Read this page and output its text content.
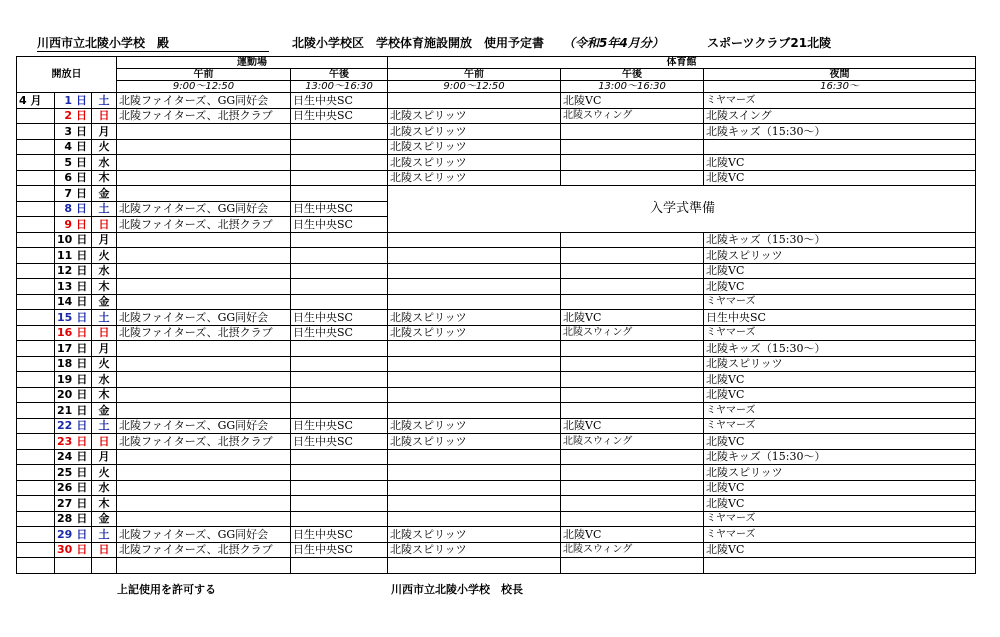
川西市立北陵小学校　殿	北陵小学校区　学校体育施設開放　使用予定書 （令和5年4月分）	スポーツクラブ21北陵
開放日			運動場		体育館		
			午前	午後	午前	午後	夜間
			9:00～12:50	13:00～16:30	9:00～12:50	13:00～16:30	16:30～
4 月	1 日	土	北陵ファイターズ、GG同好会	日生中央SC		北陵VC	ミヤマーズ
	2 日	日	北陵ファイターズ、北摂クラブ	日生中央SC	北陵スピリッツ	北陵スウィング	北陵スイング
	3 日	月			北陵スピリッツ		北陵キッズ（15:30～）
	4 日	火			北陵スピリッツ		
	5 日	水			北陵スピリッツ		北陵VC
	6 日	木			北陵スピリッツ		北陵VC
	7 日	金			入学式準備		
	8 日	土	北陵ファイターズ、GG同好会	日生中央SC			
	9 日	日	北陵ファイターズ、北摂クラブ	日生中央SC			
	10 日	月					北陵キッズ（15:30～）
	11 日	火					北陵スピリッツ
	12 日	水					北陵VC
	13 日	木					北陵VC
	14 日	金					ミヤマーズ
	15 日	土	北陵ファイターズ、GG同好会	日生中央SC	北陵スピリッツ	北陵VC	日生中央SC
	16 日	日	北陵ファイターズ、北摂クラブ	日生中央SC	北陵スピリッツ	北陵スウィング	ミヤマーズ
	17 日	月					北陵キッズ（15:30～）
	18 日	火					北陵スピリッツ
	19 日	水					北陵VC
	20 日	木					北陵VC
	21 日	金					ミヤマーズ
	22 日	土	北陵ファイターズ、GG同好会	日生中央SC	北陵スピリッツ	北陵VC	ミヤマーズ
	23 日	日	北陵ファイターズ、北摂クラブ	日生中央SC	北陵スピリッツ	北陵スウィング	北陵VC
	24 日	月					北陵キッズ（15:30～）
	25 日	火					北陵スピリッツ
	26 日	水					北陵VC
	27 日	木					北陵VC
	28 日	金					ミヤマーズ
	29 日	土	北陵ファイターズ、GG同好会	日生中央SC	北陵スピリッツ	北陵VC	ミヤマーズ
	30 日	日	北陵ファイターズ、北摂クラブ	日生中央SC	北陵スピリッツ	北陵スウィング	北陵VC

上記使用を許可する	川西市立北陵小学校　校長
